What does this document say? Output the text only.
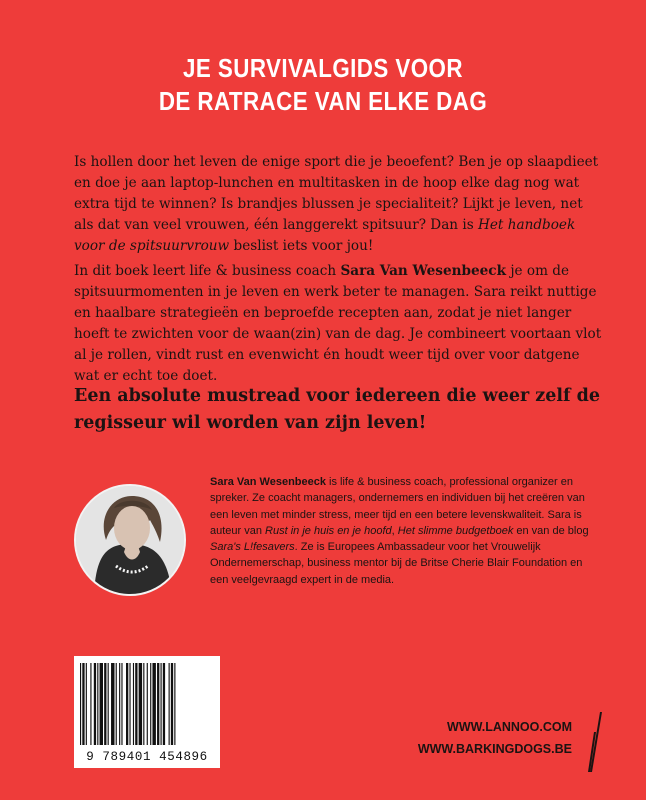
JE SURVIVALGIDS VOOR
DE RATRACE VAN ELKE DAG
Is hollen door het leven de enige sport die je beoefent? Ben je op slaapdieet en doe je aan laptop-lunchen en multitasken in de hoop elke dag nog wat extra tijd te winnen? Is brandjes blussen je specialiteit? Lijkt je leven, net als dat van veel vrouwen, één langgerekt spitsuur? Dan is Het handboek voor de spitsuurvrouw beslist iets voor jou!
In dit boek leert life & business coach Sara Van Wesenbeeck je om de spitsuurmomenten in je leven en werk beter te managen. Sara reikt nuttige en haalbare strategieën en beproefde recepten aan, zodat je niet langer hoeft te zwichten voor de waan(zin) van de dag. Je combineert voortaan vlot al je rollen, vindt rust en evenwicht én houdt weer tijd over voor datgene wat er echt toe doet.
Een absolute mustread voor iedereen die weer zelf de regisseur wil worden van zijn leven!
Sara Van Wesenbeeck is life & business coach, professional organizer en spreker. Ze coacht managers, ondernemers en individuen bij het creëren van een leven met minder stress, meer tijd en een betere levenskwaliteit. Sara is auteur van Rust in je huis en je hoofd, Het slimme budgetboek en van de blog Sara's L!fesavers. Ze is Europees Ambassadeur voor het Vrouwelijk Ondernemerschap, business mentor bij de Britse Cherie Blair Foundation en een veelgevraagd expert in de media.
9 789401 454896
WWW.LANNOO.COM
WWW.BARKINGDOGS.BE
